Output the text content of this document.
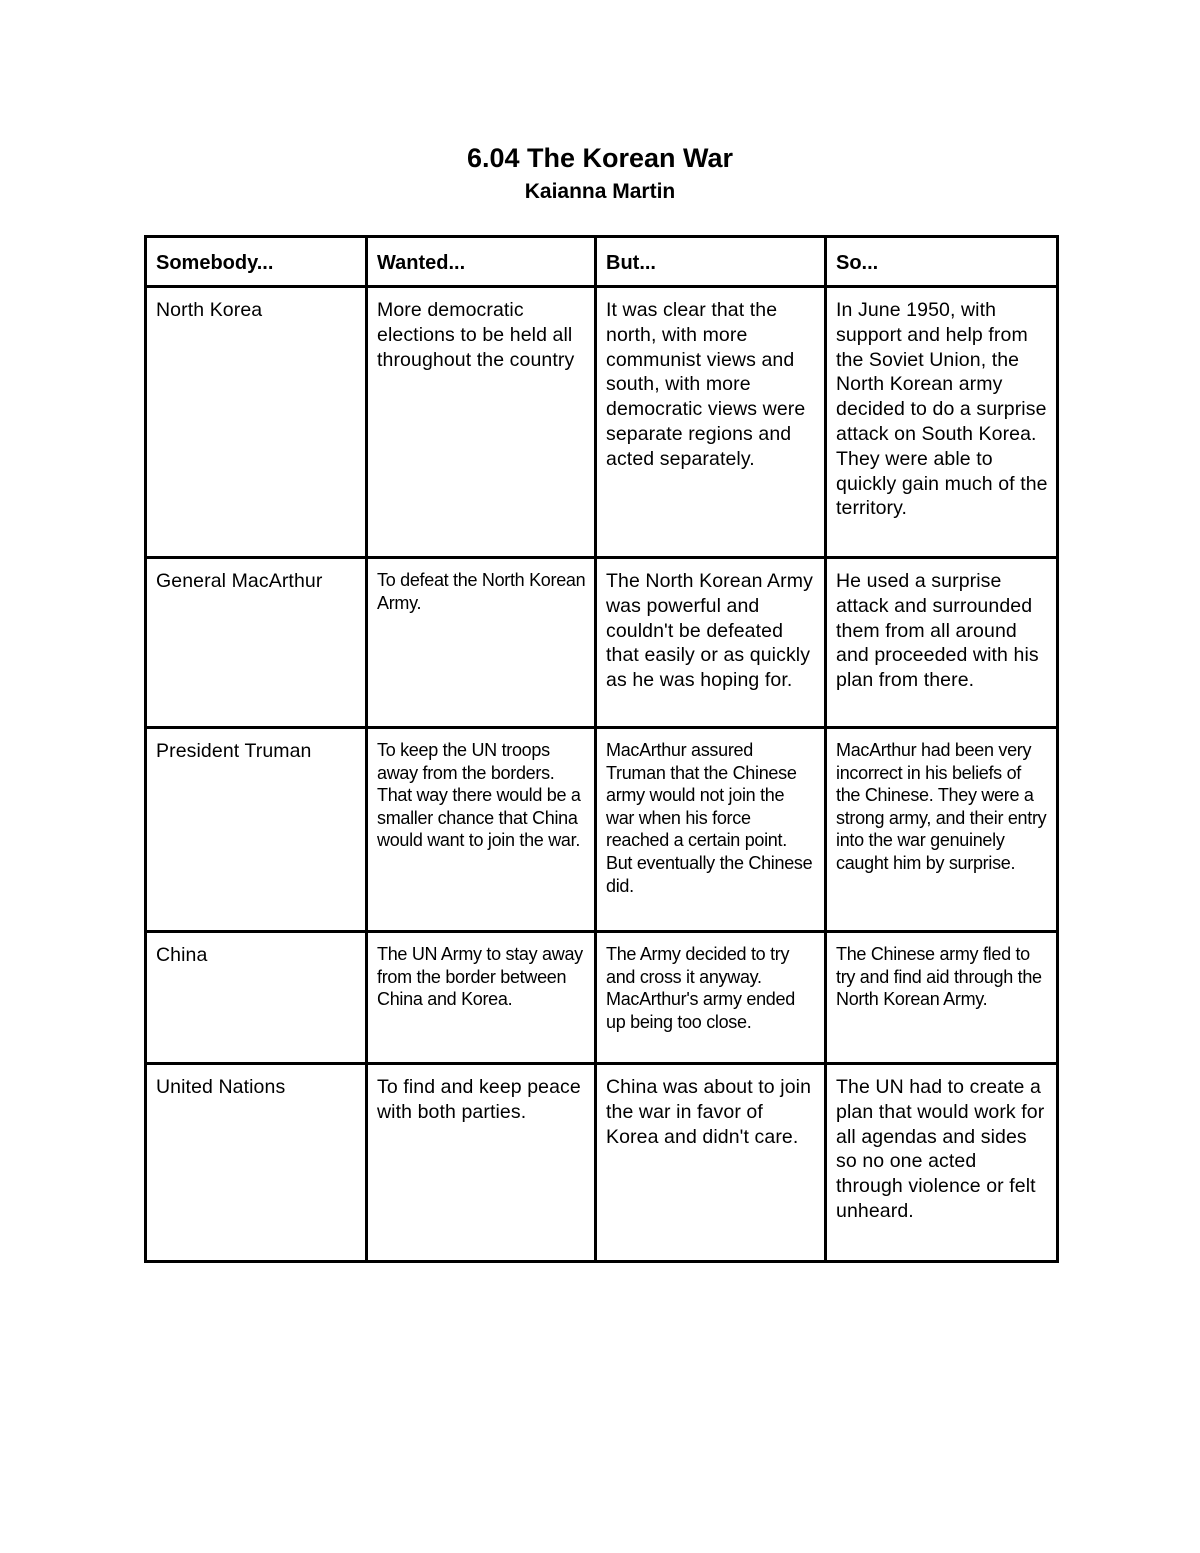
6.04 The Korean War
Kaianna Martin
Somebody...	Wanted...	But...	So...
North Korea	More democratic elections to be held all throughout the country	It was clear that the north, with more communist views and south, with more democratic views were separate regions and acted separately.	In June 1950, with support and help from the Soviet Union, the North Korean army decided to do a surprise attack on South Korea. They were able to quickly gain much of the territory.
General MacArthur	To defeat the North Korean Army.	The North Korean Army was powerful and couldn't be defeated that easily or as quickly as he was hoping for.	He used a surprise attack and surrounded them from all around and proceeded with his plan from there.
President Truman	To keep the UN troops away from the borders. That way there would be a smaller chance that China would want to join the war.	MacArthur assured Truman that the Chinese army would not join the war when his force reached a certain point. But eventually the Chinese did.	MacArthur had been very incorrect in his beliefs of the Chinese. They were a strong army, and their entry into the war genuinely caught him by surprise.
China	The UN Army to stay away from the border between China and Korea.	The Army decided to try and cross it anyway. MacArthur's army ended up being too close.	The Chinese army fled to try and find aid through the North Korean Army.
United Nations	To find and keep peace with both parties.	China was about to join the war in favor of Korea and didn't care.	The UN had to create a plan that would work for all agendas and sides so no one acted through violence or felt unheard.
